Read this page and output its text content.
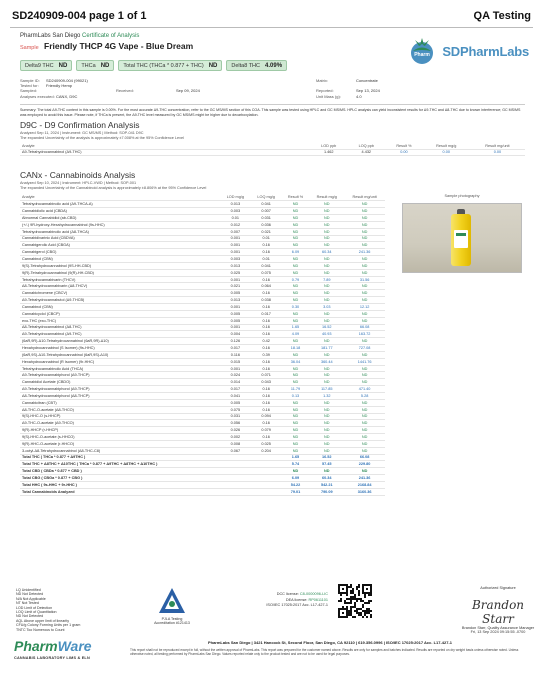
SD240909-004 page 1 of 1	QA Testing
PharmLabs San Diego Certificate of Analysis
Sample Friendly THCP 4G Vape - Blue Dream
Pharm SDPharmLabs
Delta9 THC ND	THCa ND	Total THC (THCa * 0.877 + THC) ND	Delta8 THC 4.09%
Sample ID:	SD240909-004 (99021)	Matrix:	Concentrate
Tested for:	Friendly Hemp
Sampled:	Received:	Sep 09, 2024	Reported:	Sep 13, 2024
Analyses executed: CANX, D9C	Unit Mass (g):	4.0
Summary: The total Δ9-THC content in this sample is 0.00%. For the most accurate Δ9-THC concentration, refer to the GC MS/MS section of this COA. This sample was tested using HPLC and GC MS/MS. HPLC analysis can yield inconsistent results for Δ9-THC and Δ8-THC due to known interference; GC MS/MS was employed to avoid this issue. Please note, if THCa is present, the Δ9-THC level measured by GC MS/MS might be higher due to decarboxylation.
D9C - D9 Confirmation Analysis
Analyzed Sep 11, 2024 | Instrument: GC MS/MS | Method: SOP-041 D9C
The expanded Uncertainty of the analysis is approximately ±7.008% at the 95% Confidence Level
Analyte	LOD ppb	LOQ ppb	Result %	Result mg/g	Result mg/unit
Δ9-Tetrahydrocannabinol (Δ9-THC)	1.462	4.432	0.00	0.00	0.00
CANx - Cannabinoids Analysis
Analyzed Sep 10, 2024 | Instrument: HPLC-VWD | Method: SOP-001
The expanded Uncertainty of the Cannabinoid analysis is approximately ±8.806% at the 95% Confidence Level
Analyte	LOD mg/g	LOQ mg/g	Result %	Result mg/g	Result mg/unit
Tetrahydrocannabinolic acid (Δ9-THCA-A)	0.013	0.041	ND	ND	ND
Cannabidiolic acid (CBDA)	0.003	0.007	ND	ND	ND
Abnormal Cannabidiol (ab-CBD)	0.01	0.031	ND	ND	ND
(+/-) 9R-hydroxy-Hexahydrocannabinol (9s-HHC)	0.012	0.036	ND	ND	ND
Tetrahydrocannabinolic acid (Δ8-THCA)	0.007	0.021	ND	ND	ND
Cannabidivarinic Acid (CBDVA)	0.001	0.01	ND	ND	ND
Cannabigerolic Acid (CBGA)	0.001	0.16	ND	ND	ND
Cannabigerol (CBG)	0.001	0.16	6.09	60.34	241.36
Cannabinol (CBN)	0.003	0.01	ND	ND	ND
9(S)-Tetrahydrocannabinol (9S-HH-CBD)	0.013	0.041	ND	ND	ND
9(R)-Tetrahydrocannabinol (9(R)-HH-CBD)	0.025	0.075	ND	ND	ND
Tetrahydrocannabivarin (THCV)	0.001	0.16	0.79	7.89	31.56
Δ8-Tetrahydrocannabivarin (Δ8-THCV)	0.021	0.064	ND	ND	ND
Cannabichromene (CBCV)	0.005	0.16	ND	ND	ND
Δ9-Tetrahydrocannabutol (Δ9-THCB)	0.013	0.038	ND	ND	ND
Cannabinol (CBN)	0.001	0.16	0.30	3.03	12.12
Cannabicyclol (CBCP)	0.005	0.017	ND	ND	ND
exo-THC (exo-THC)	0.005	0.16	ND	ND	ND
Δ8-Tetrahydrocannabinol (Δ8-THC)	0.001	0.16	1.65	16.52	66.08
Δ9-Tetrahydrocannabinol (Δ9-THC)	0.004	0.16	4.09	40.93	163.72
(6aR,9R)-Δ10-Tetrahydrocannabinol (6aR,9R)-Δ10)	0.126	0.42	ND	ND	ND
Hexahydrocannabinol (S Isomer) (9s-HHC)	0.017	0.16	18.18	181.77	727.08
(6aR,9S)-Δ10-Tetrahydrocannabinol (6aR,9S)-Δ10)	0.116	0.39	ND	ND	ND
Hexahydrocannabinol (R Isomer) (9r-HHC)	0.015	0.16	36.04	360.44	1441.76
Tetrahydrocannabinolic Acid (THCA)	0.001	0.16	ND	ND	ND
Δ9-Tetrahydrocannabiphorol (Δ9-THCP)	0.024	0.071	ND	ND	ND
Cannabidiol Acetate (CBDO)	0.014	0.043	ND	ND	ND
Δ9-Tetrahydrocannabiphorol (Δ9-THCP)	0.017	0.16	11.79	117.85	471.40
Δ8-Tetrahydrocannabiphorol (Δ8-THCP)	0.041	0.16	0.13	1.32	5.28
Cannabicitran (CBT)	0.005	0.16	ND	ND	ND
Δ8-THC-O-acetate (Δ8-THCO)	0.075	0.16	ND	ND	ND
9(S)-HHC-O (s-HHCP)	0.031	0.094	ND	ND	ND
Δ9-THC-O-acetate (Δ9-THCO)	0.056	0.16	ND	ND	ND
9(R)-HHCP (r-HHCP)	0.026	0.079	ND	ND	ND
9(S)-HHC-O-acetate (s-HHCO)	0.002	0.16	ND	ND	ND
9(R)-HHC-O-acetate (r-HHCO)	0.008	0.025	ND	ND	ND
3-octyl-Δ8-Tetrahydrocannabinol (Δ8-THC-C8)	0.067	0.204	ND	ND	ND
Total THC ( THCa * 0.877 + Δ9THC )			1.65	16.52	66.08
Total THC + Δ8THC + Δ10THC ( THCa * 0.877 + Δ9THC + Δ8THC + Δ10THC )			5.74	57.45	229.80
Total CBD ( CBDa * 0.877 + CBD )			ND	ND	ND
Total CBG ( CBGa * 0.877 + CBG )			6.09	60.34	241.36
Total HHC ( 9s-HHC + 9r-HHC )			54.22	542.21	2168.84
Total Cannabinoids Analyzed			79.01	790.09	3160.36
Sample photography
LQ Unidentified
ND Not Detected
N/A Not Applicable
NT Not Tested
LOD Limit of Detection
LOQ Limit of Quantitation
ND Not Detected
AQL Above upper limit of linearity
CFU/g Colony Forming Units per 1 gram
TNTC Too Numerous to Count
PharmWare
CANNABIS LABORATORY LIMS & ELN
PJLA Testing
Accreditation #121413
DCC license: C8-0000096-LIC
DEA license: RP0611101
ISO/IEC 17025:2017 Acc. L17-427-1
Authorized Signature
Brandon Starr
Brandon Starr, Quality Assurance Manager
Fri, 13 Sep 2024 09:15:55 -0700
PharmLabs San Diego | 3421 Hancock St, Second Floor, San Diego, CA 92110 | 619.356.0996 | ISO/IEC 17025:2017 Acc. L17-427-1
This report shall not be reproduced except in full, without the written approval of PharmLabs. This report was prepared for the customer named above. Results are only for samples and batches indicated. Results are reported on dry weight basis unless otherwise noted. Unless otherwise noted, all testing performed by PharmLabs San Diego. Values reported relate only to the product tested and are not to be used for legal purposes.
